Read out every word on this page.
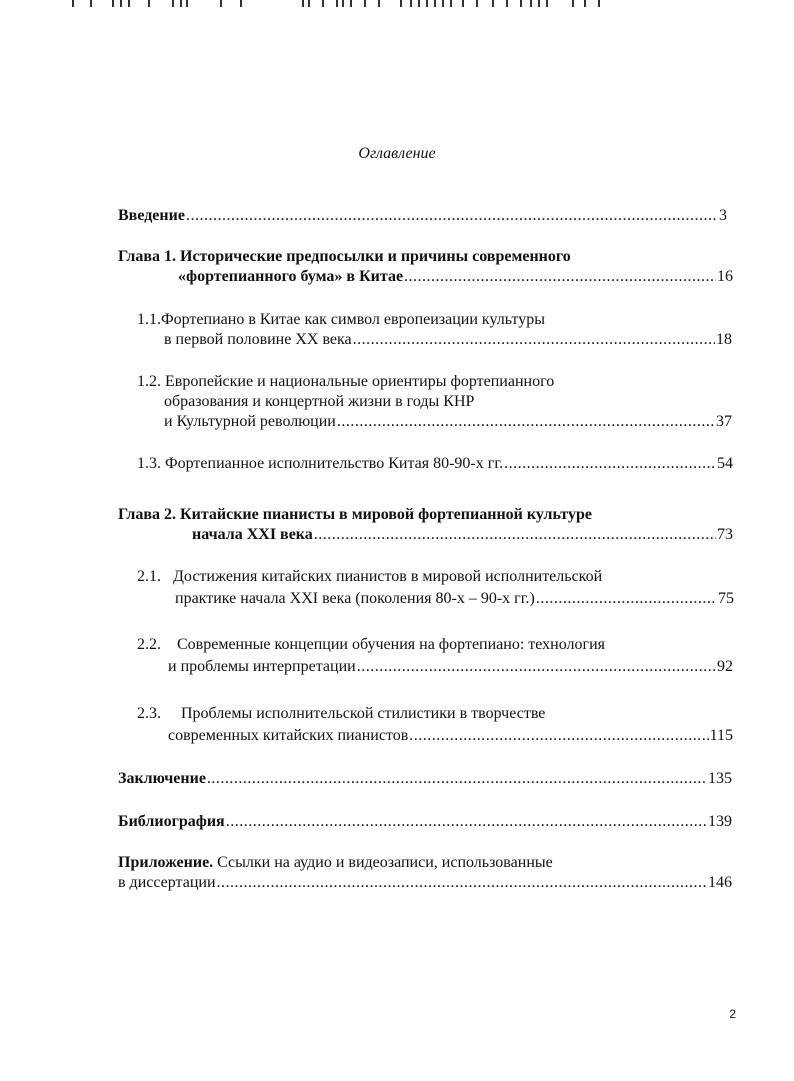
Оглавление
Введение .....	3
Глава 1. Исторические предпосылки и причины современного
«фортепианного бума» в Китае .....	16
1.1.Фортепиано в Китае как символ европеизации культуры
в первой половине XX века .....	18
1.2. Европейские и национальные ориентиры фортепианного
образования и концертной жизни в годы КНР
и Культурной революции .....	37
1.3. Фортепианное исполнительство Китая 80-90-х гг. .....	54
Глава 2. Китайские пианисты в мировой фортепианной культуре
начала XXI века .....	73
2.1.   Достижения китайских пианистов в мировой исполнительской
практике начала XXI века (поколения 80-х – 90-х гг.) .....	75
2.2.    Современные концепции обучения на фортепиано: технология
и проблемы интерпретации .....	92
2.3.     Проблемы исполнительской стилистики в творчестве
современных китайских пианистов .....	115
Заключение .....	135
Библиография .....	139
Приложение. Ссылки на аудио и видеозаписи, использованные
в диссертации .....	146
2
